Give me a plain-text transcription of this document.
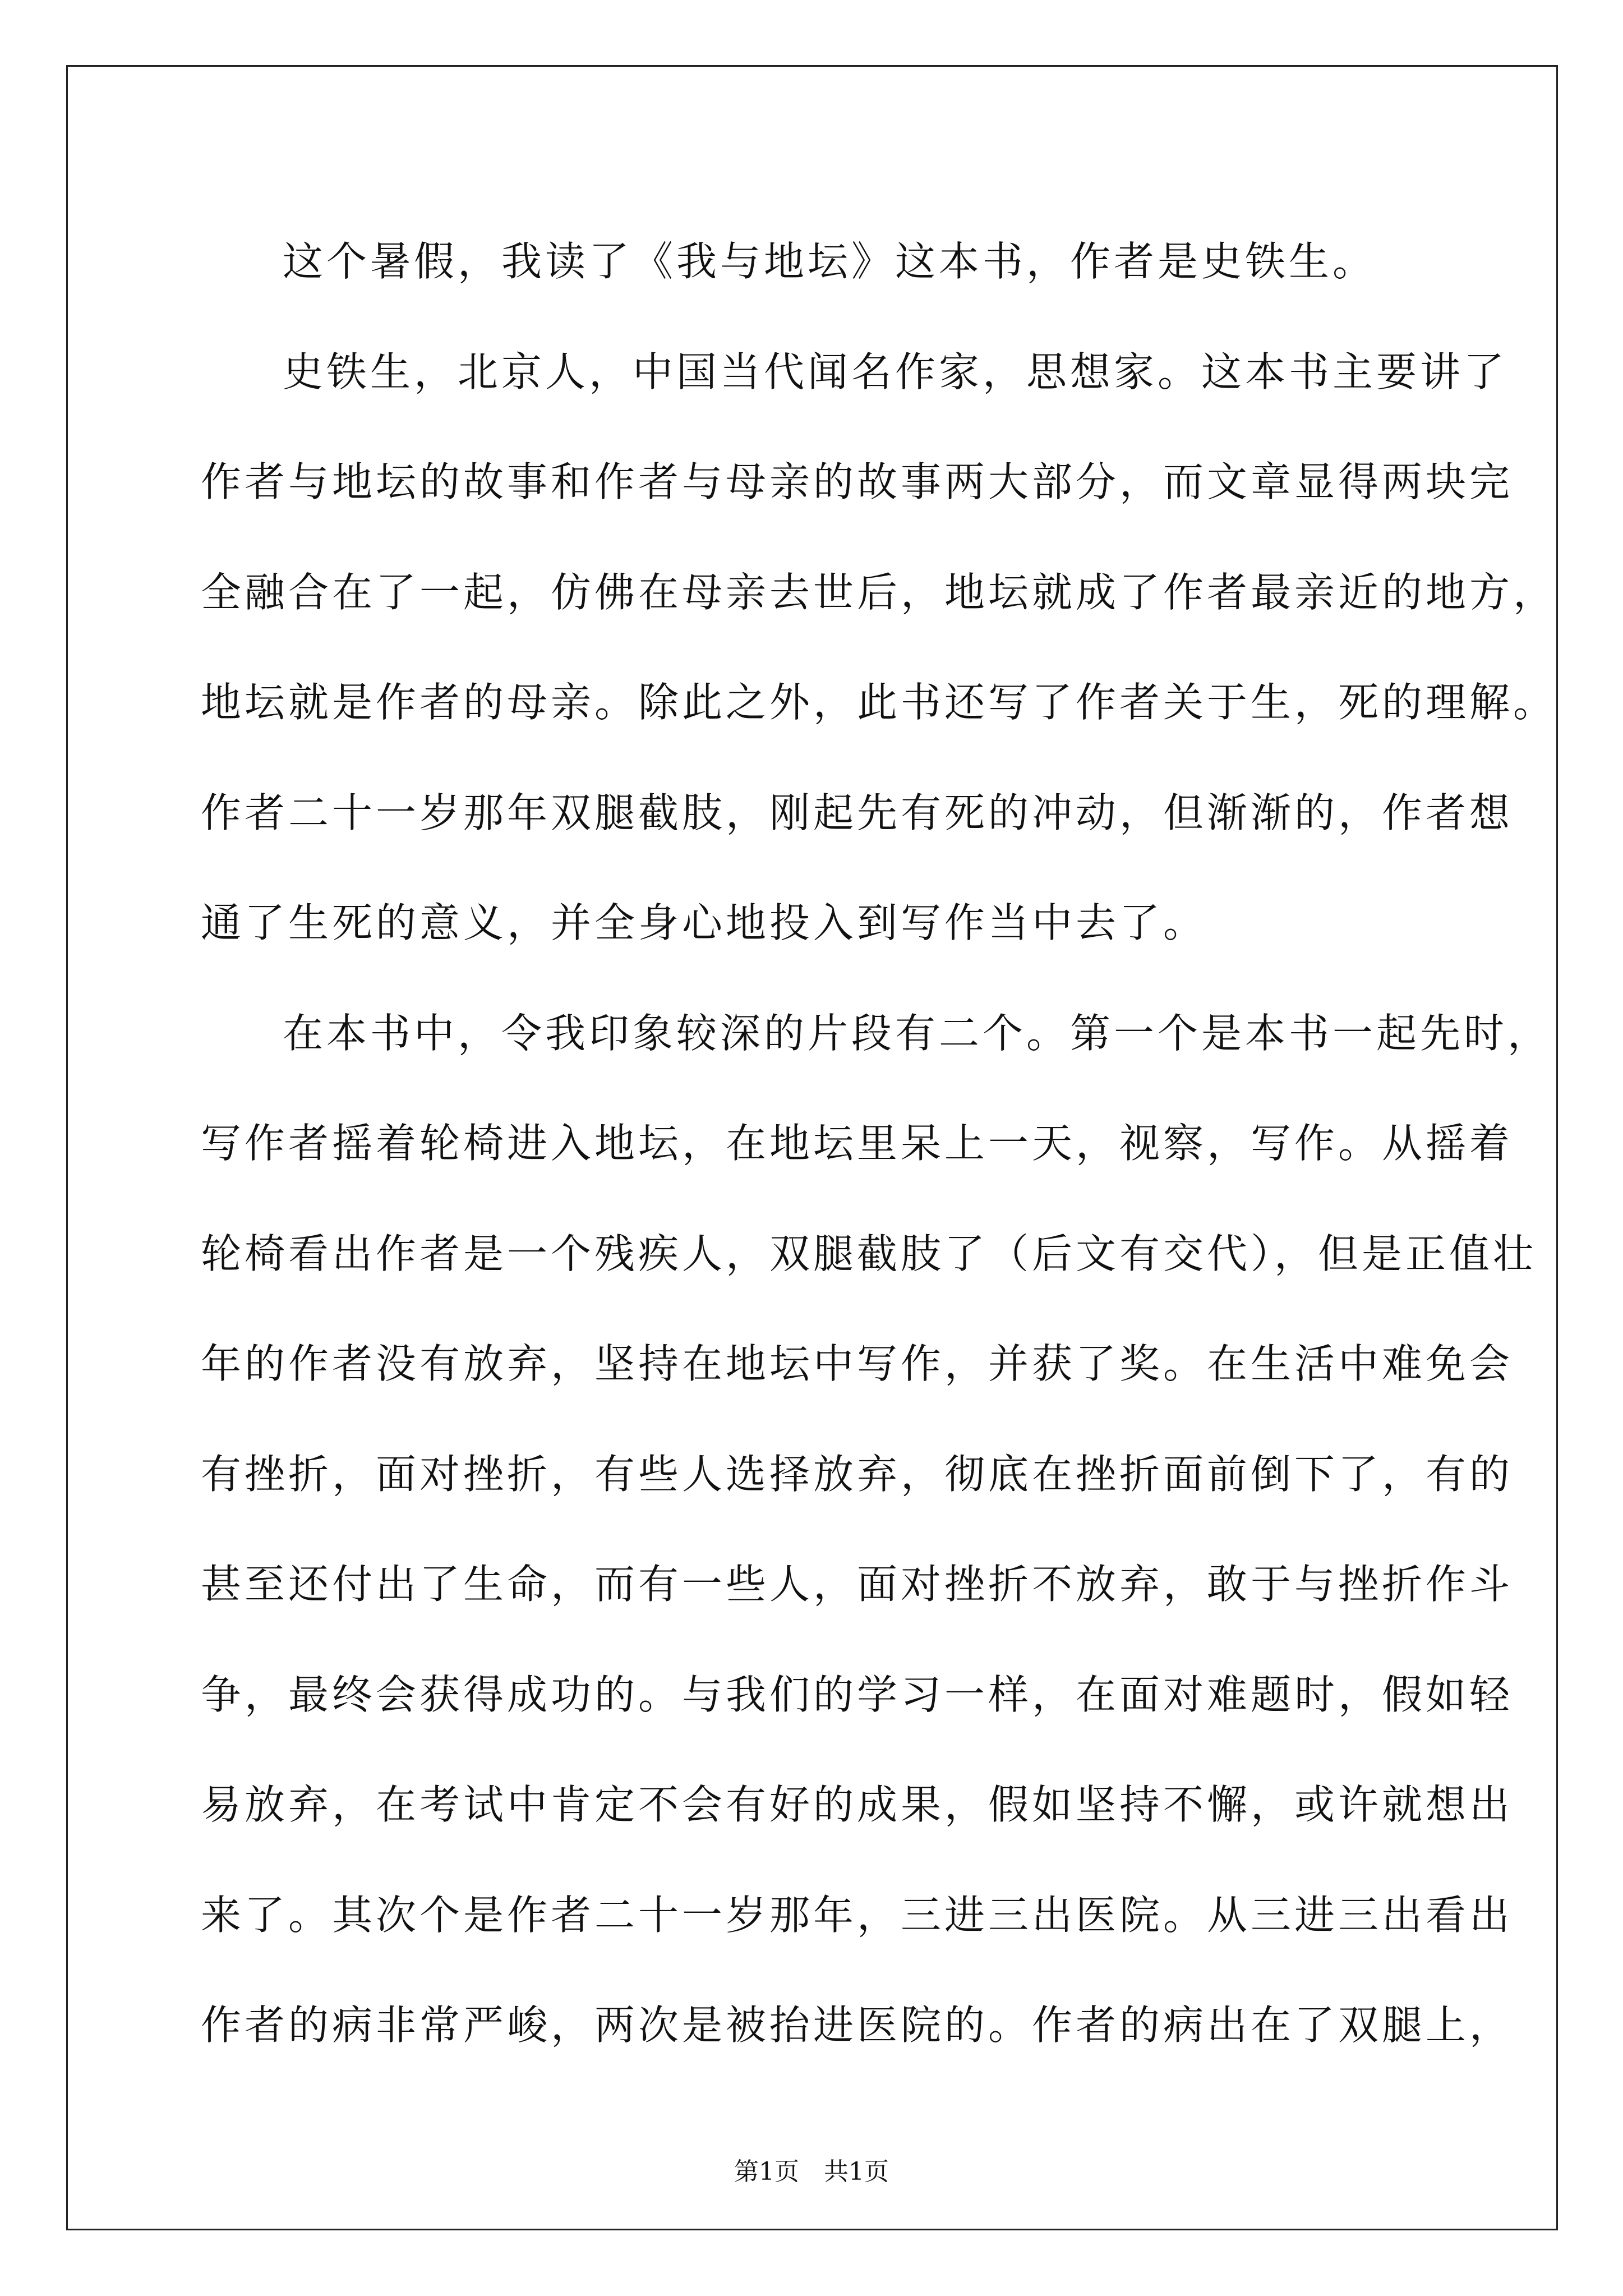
这个暑假，我读了《我与地坛》这本书，作者是史铁生。
史铁生，北京人，中国当代闻名作家，思想家。这本书主要讲了
作者与地坛的故事和作者与母亲的故事两大部分，而文章显得两块完
全融合在了一起，仿佛在母亲去世后，地坛就成了作者最亲近的地方，
地坛就是作者的母亲。除此之外，此书还写了作者关于生，死的理解。
作者二十一岁那年双腿截肢，刚起先有死的冲动，但渐渐的，作者想
通了生死的意义，并全身心地投入到写作当中去了。
在本书中，令我印象较深的片段有二个。第一个是本书一起先时，
写作者摇着轮椅进入地坛，在地坛里呆上一天，视察，写作。从摇着
轮椅看出作者是一个残疾人，双腿截肢了（后文有交代），但是正值壮
年的作者没有放弃，坚持在地坛中写作，并获了奖。在生活中难免会
有挫折，面对挫折，有些人选择放弃，彻底在挫折面前倒下了，有的
甚至还付出了生命，而有一些人，面对挫折不放弃，敢于与挫折作斗
争，最终会获得成功的。与我们的学习一样，在面对难题时，假如轻
易放弃，在考试中肯定不会有好的成果，假如坚持不懈，或许就想出
来了。其次个是作者二十一岁那年，三进三出医院。从三进三出看出
作者的病非常严峻，两次是被抬进医院的。作者的病出在了双腿上，
第1页　共1页
